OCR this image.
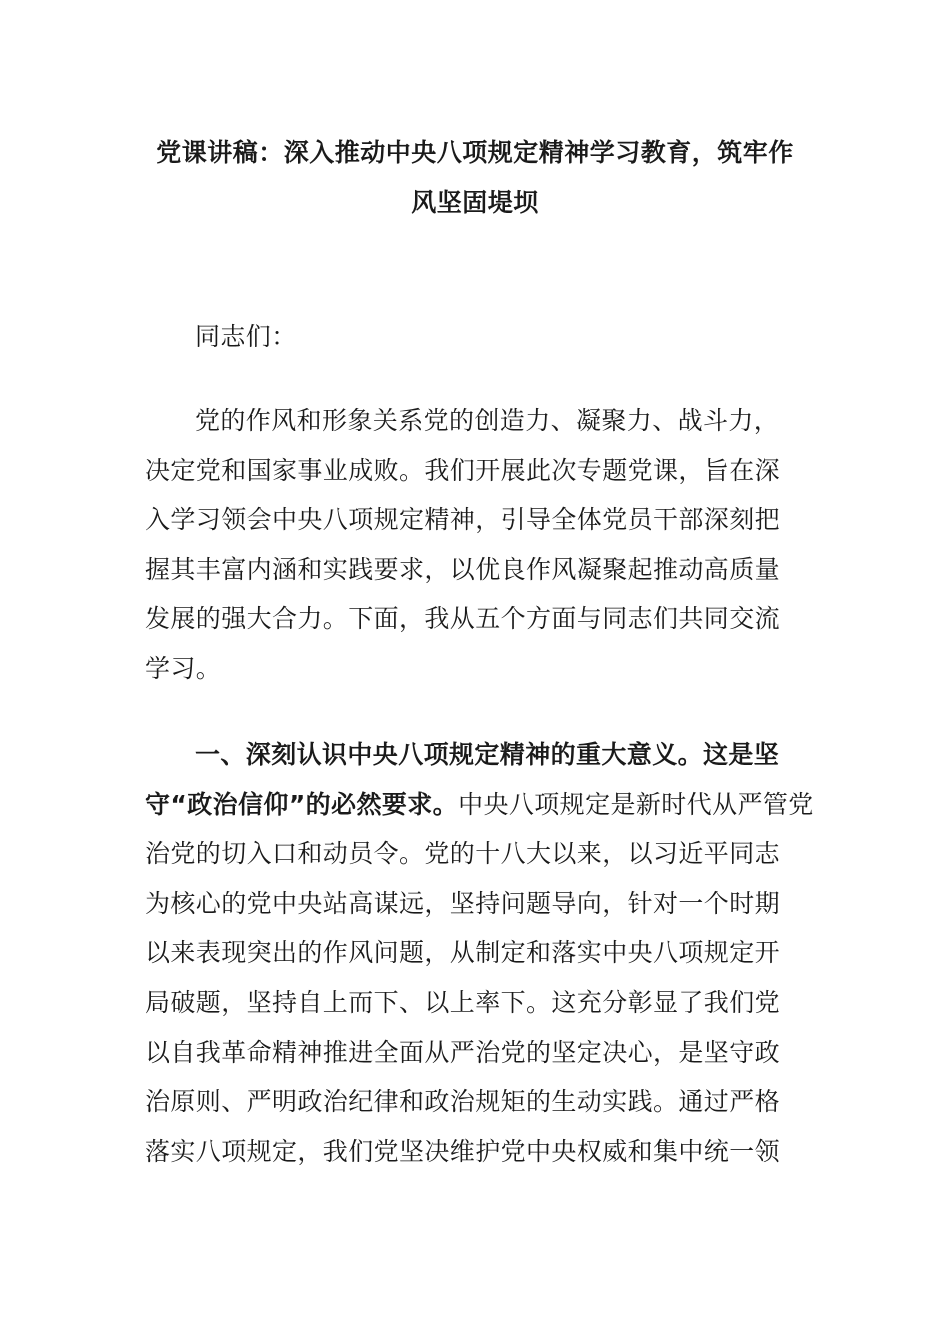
党课讲稿：深入推动中央八项规定精神学习教育，筑牢作
风坚固堤坝
同志们：
党的作风和形象关系党的创造力、凝聚力、战斗力，
决定党和国家事业成败。我们开展此次专题党课，旨在深
入学习领会中央八项规定精神，引导全体党员干部深刻把
握其丰富内涵和实践要求，以优良作风凝聚起推动高质量
发展的强大合力。下面，我从五个方面与同志们共同交流
学习。
一、深刻认识中央八项规定精神的重大意义。这是坚
守“政治信仰”的必然要求。中央八项规定是新时代从严管党
治党的切入口和动员令。党的十八大以来，以习近平同志
为核心的党中央站高谋远，坚持问题导向，针对一个时期
以来表现突出的作风问题，从制定和落实中央八项规定开
局破题，坚持自上而下、以上率下。这充分彰显了我们党
以自我革命精神推进全面从严治党的坚定决心，是坚守政
治原则、严明政治纪律和政治规矩的生动实践。通过严格
落实八项规定，我们党坚决维护党中央权威和集中统一领
